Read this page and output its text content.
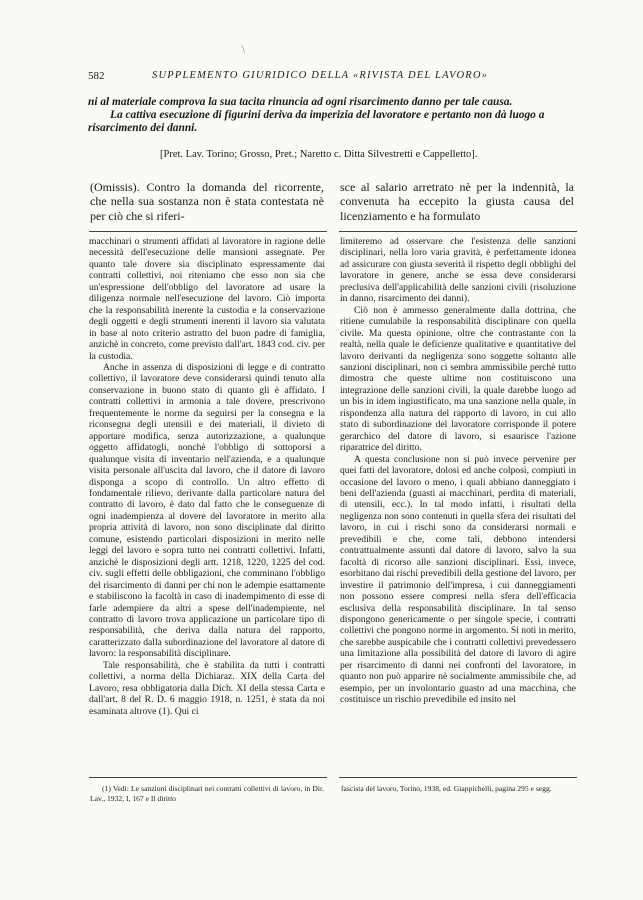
/
582	SUPPLEMENTO GIURIDICO DELLA «RIVISTA DEL LAVORO»

ni al materiale comprova la sua tacita rinuncia ad ogni risarcimento danno per tale causa.

La cattiva esecuzione di figurini deriva da imperizia del lavoratore e pertanto non dà luogo a risarcimento dei danni.

[Pret. Lav. Torino; Grosso, Pret.; Naretto c. Ditta Silvestretti e Cappelletto].
(Omissis). Contro la domanda del ricorrente, che nella sua sostanza non è stata contestata nè per ciò che si riferi-
sce al salario arretrato nè per la indennità, la convenuta ha eccepito la giusta causa del licenziamento e ha formulato

macchinari o strumenti affidati al lavoratore in ragione delle necessità dell'esecuzione delle mansioni assegnate. Per quanto tale dovere sia disciplinato espressamente dai contratti collettivi, noi riteniamo che esso non sia che un'espressione dell'obbligo del lavoratore ad usare la diligenza normale nell'esecuzione del lavoro. Ciò importa che la responsabilità inerente la custodia e la conservazione degli oggetti e degli strumenti inerenti il lavoro sia valutata in base al noto criterio astratto del buon padre di famiglia, anzichè in concreto, come previsto dall'art. 1843 cod. civ. per la custodia.

Anche in assenza di disposizioni di legge e di contratto collettivo, il lavoratore deve considerarsi quindi tenuto alla conservazione in buono stato di quanto gli è affidato. I contratti collettivi in armonia a tale dovere, prescrivono frequentemente le norme da seguirsi per la consegna e la riconsegna degli utensili e dei materiali, il divieto di apportare modifica, senza autorizzazione, a qualunque oggetto affidatogli, nonchè l'obbligo di sottoporsi a qualunque visita di inventario nell'azienda, e a qualunque visita personale all'uscita dal lavoro, che il datore di lavoro disponga a scopo di controllo. Un altro effetto di fondamentale rilievo, derivante dalla particolare natura del contratto di lavoro, è dato dal fatto che le conseguenze di ogni inadempienza al dovere del lavoratore in merito alla propria attività di lavoro, non sono disciplinate dal diritto comune, esistendo particolari disposizioni in merito nelle leggi del lavoro e sopra tutto nei contratti collettivi. Infatti, anzichè le disposizioni degli artt. 1218, 1220, 1225 del cod. civ. sugli effetti delle obbligazioni, che comminano l'obbligo del risarcimento di danni per chi non le adempie esattamente e stabiliscono la facoltà in caso di inadempimento di esse di farle adempiere da altri a spese dell'inadempiente, nel contratto di lavoro trova applicazione un particolare tipo di responsabilità, che deriva dalla natura del rapporto, caratterizzato dalla subordinazione del lavoratore al datore di lavoro: la responsabilità disciplinare.

Tale responsabilità, che è stabilita da tutti i contratti collettivi, a norma della Dichiaraz. XIX della Carta del Lavoro, resa obbligatoria dalla Dich. XI della stessa Carta e dall'art. 8 del R. D. 6 maggio 1918, n. 1251, è stata da noi esaminata altrove (1). Qui ci

limiteremo ad osservare che l'esistenza delle sanzioni disciplinari, nella loro varia gravità, è perfettamente idonea ad assicurare con giusta severità il rispetto degli obblighi del lavoratore in genere, anche se essa deve considerarsi preclusiva dell'applicabilità delle sanzioni civili (risoluzione in danno, risarcimento dei danni).

Ciò non è ammesso generalmente dalla dottrina, che ritiene cumulabile la responsabilità disciplinare con quella civile. Ma questa opinione, oltre che contrastante con la realtà, nella quale le deficienze qualitative e quantitative del lavoro derivanti da negligenza sono soggette soltanto alle sanzioni disciplinari, non ci sembra ammissibile perchè tutto dimostra che queste ultime non costituiscono una integrazione delle sanzioni civili, la quale darebbe luogo ad un bis in idem ingiustificato, ma una sanzione nella quale, in rispondenza alla natura del rapporto di lavoro, in cui allo stato di subordinazione del lavoratore corrisponde il potere gerarchico del datore di lavoro, si esaurisce l'azione riparatrice del diritto.

A questa conclusione non si può invece pervenire per quei fatti del lavoratore, dolosi ed anche colposi, compiuti in occasione del lavoro o meno, i quali abbiano danneggiato i beni dell'azienda (guasti ai macchinari, perdita di materiali, di utensili, ecc.). In tal modo infatti, i risultati della negligenza non sono contenuti in quella sfera dei risultati del lavoro, in cui i rischi sono da considerarsi normali e prevedibili e che, come tali, debbono intendersi contrattualmente assunti dal datore di lavoro, salvo la sua facoltà di ricorso alle sanzioni disciplinari. Essi, invece, esorbitano dai rischi prevedibili della gestione del lavoro, per investire il patrimonio dell'impresa, i cui danneggiamenti non possono essere compresi nella sfera dell'efficacia esclusiva della responsabilità disciplinare. In tal senso dispongono genericamente o per singole specie, i contratti collettivi che pongono norme in argomento. Si noti in merito, che sarebbe auspicabile che i contratti collettivi prevedessero una limitazione alla possibilità del datore di lavoro di agire per risarcimento di danni nei confronti del lavoratore, in quanto non può apparire nè socialmente ammissibile che, ad esempio, per un involontario guasto ad una macchina, che costituisce un rischio prevedibile ed insito nel

(1) Vedi: Le sanzioni disciplinari nei contratti collettivi di lavoro, in Dir. Lav., 1932, I, 167 e Il diritto

fascista del lavoro, Torino, 1938, ed. Giappichelli, pagina 295 e segg.
